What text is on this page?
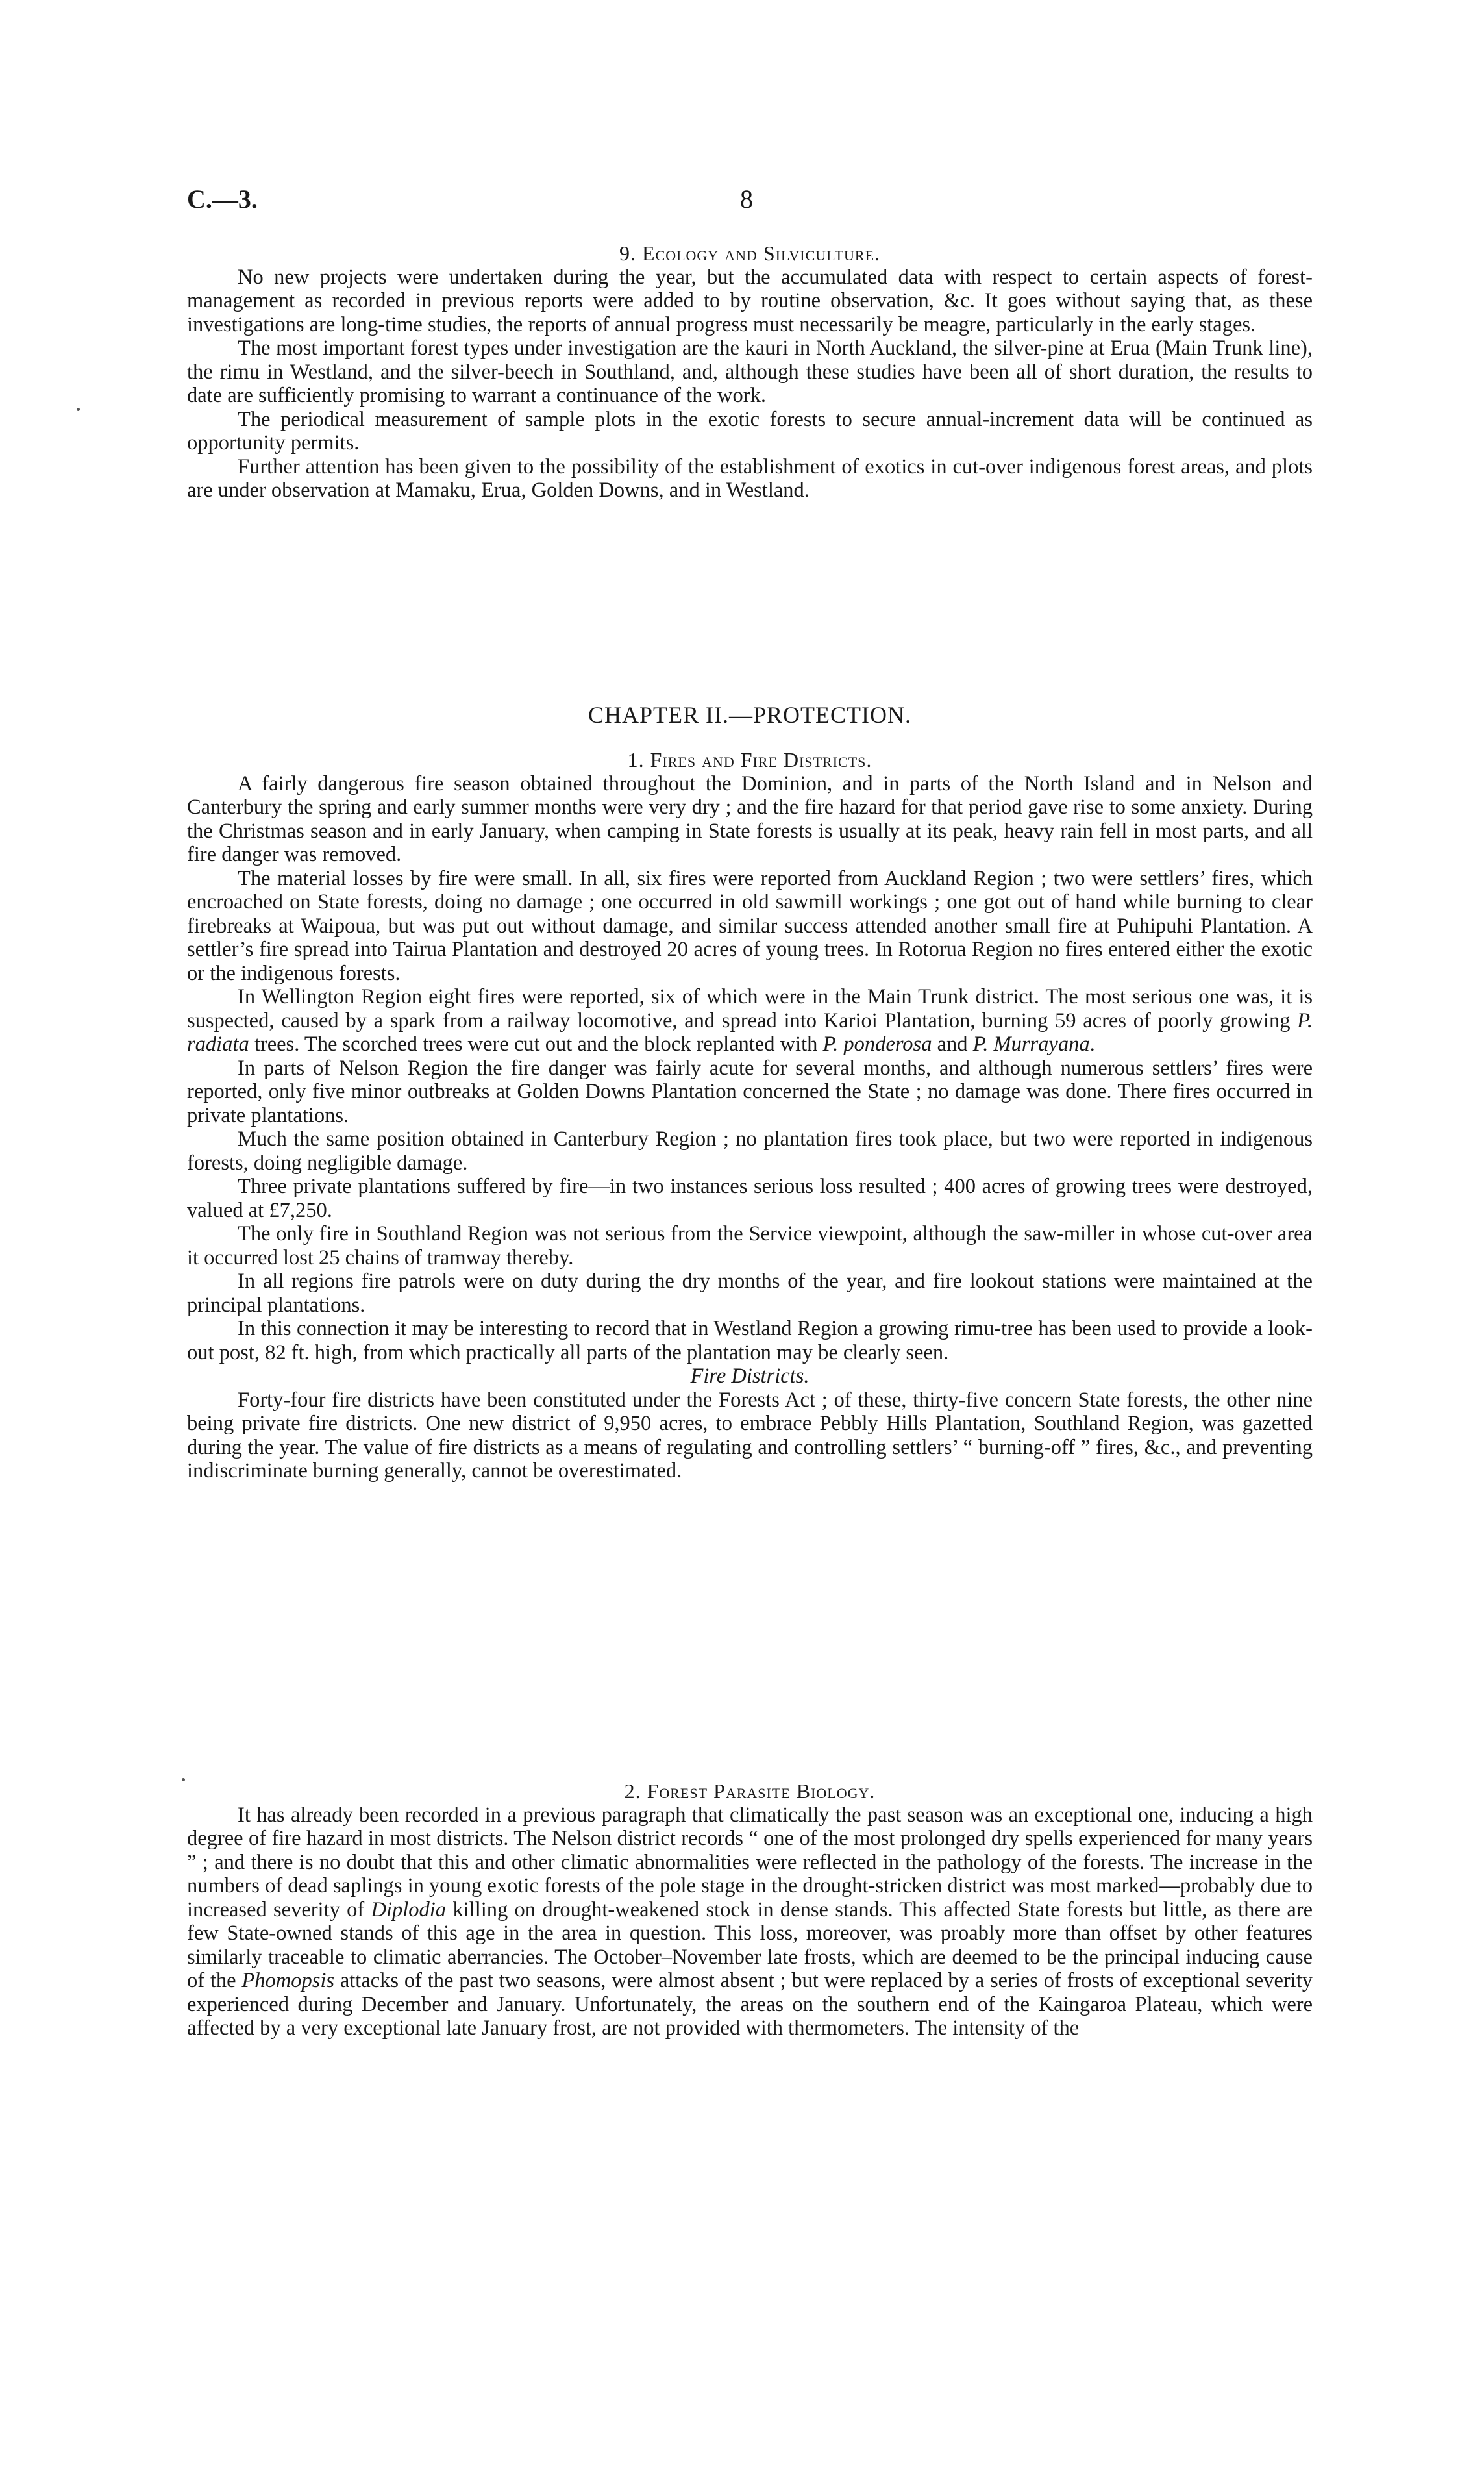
C.—3.	8

9. Ecology and Silviculture.

No new projects were undertaken during the year, but the accumulated data with respect to certain aspects of forest-management as recorded in previous reports were added to by routine observation, &c. It goes without saying that, as these investigations are long-time studies, the reports of annual progress must necessarily be meagre, particularly in the early stages.

The most important forest types under investigation are the kauri in North Auckland, the silver-pine at Erua (Main Trunk line), the rimu in Westland, and the silver-beech in Southland, and, although these studies have been all of short duration, the results to date are sufficiently promising to warrant a continuance of the work.

The periodical measurement of sample plots in the exotic forests to secure annual-increment data will be continued as opportunity permits.

Further attention has been given to the possibility of the establishment of exotics in cut-over indigenous forest areas, and plots are under observation at Mamaku, Erua, Golden Downs, and in Westland.

CHAPTER II.—PROTECTION.

1. Fires and Fire Districts.

A fairly dangerous fire season obtained throughout the Dominion, and in parts of the North Island and in Nelson and Canterbury the spring and early summer months were very dry ; and the fire hazard for that period gave rise to some anxiety. During the Christmas season and in early January, when camping in State forests is usually at its peak, heavy rain fell in most parts, and all fire danger was removed.

The material losses by fire were small. In all, six fires were reported from Auckland Region ; two were settlers’ fires, which encroached on State forests, doing no damage ; one occurred in old sawmill workings ; one got out of hand while burning to clear firebreaks at Waipoua, but was put out without damage, and similar success attended another small fire at Puhipuhi Plantation. A settler’s fire spread into Tairua Plantation and destroyed 20 acres of young trees. In Rotorua Region no fires entered either the exotic or the indigenous forests.

In Wellington Region eight fires were reported, six of which were in the Main Trunk district. The most serious one was, it is suspected, caused by a spark from a railway locomotive, and spread into Karioi Plantation, burning 59 acres of poorly growing P. radiata trees. The scorched trees were cut out and the block replanted with P. ponderosa and P. Murrayana.

In parts of Nelson Region the fire danger was fairly acute for several months, and although numerous settlers’ fires were reported, only five minor outbreaks at Golden Downs Plantation concerned the State ; no damage was done. There fires occurred in private plantations.

Much the same position obtained in Canterbury Region ; no plantation fires took place, but two were reported in indigenous forests, doing negligible damage.

Three private plantations suffered by fire—in two instances serious loss resulted ; 400 acres of growing trees were destroyed, valued at £7,250.

The only fire in Southland Region was not serious from the Service viewpoint, although the saw-miller in whose cut-over area it occurred lost 25 chains of tramway thereby.

In all regions fire patrols were on duty during the dry months of the year, and fire lookout stations were maintained at the principal plantations.

In this connection it may be interesting to record that in Westland Region a growing rimu-tree has been used to provide a look-out post, 82 ft. high, from which practically all parts of the plantation may be clearly seen.

Fire Districts.

Forty-four fire districts have been constituted under the Forests Act ; of these, thirty-five concern State forests, the other nine being private fire districts. One new district of 9,950 acres, to embrace Pebbly Hills Plantation, Southland Region, was gazetted during the year. The value of fire districts as a means of regulating and controlling settlers’ “ burning-off ” fires, &c., and preventing indiscriminate burning generally, cannot be overestimated.

2. Forest Parasite Biology.

It has already been recorded in a previous paragraph that climatically the past season was an exceptional one, inducing a high degree of fire hazard in most districts. The Nelson district records “ one of the most prolonged dry spells experienced for many years ” ; and there is no doubt that this and other climatic abnormalities were reflected in the pathology of the forests. The increase in the numbers of dead saplings in young exotic forests of the pole stage in the drought-stricken district was most marked—probably due to increased severity of Diplodia killing on drought-weakened stock in dense stands. This affected State forests but little, as there are few State-owned stands of this age in the area in question. This loss, moreover, was proably more than offset by other features similarly traceable to climatic aberrancies. The October–November late frosts, which are deemed to be the principal inducing cause of the Phomopsis attacks of the past two seasons, were almost absent ; but were replaced by a series of frosts of exceptional severity experienced during December and January. Unfortunately, the areas on the southern end of the Kaingaroa Plateau, which were affected by a very exceptional late January frost, are not provided with thermometers. The intensity of the
